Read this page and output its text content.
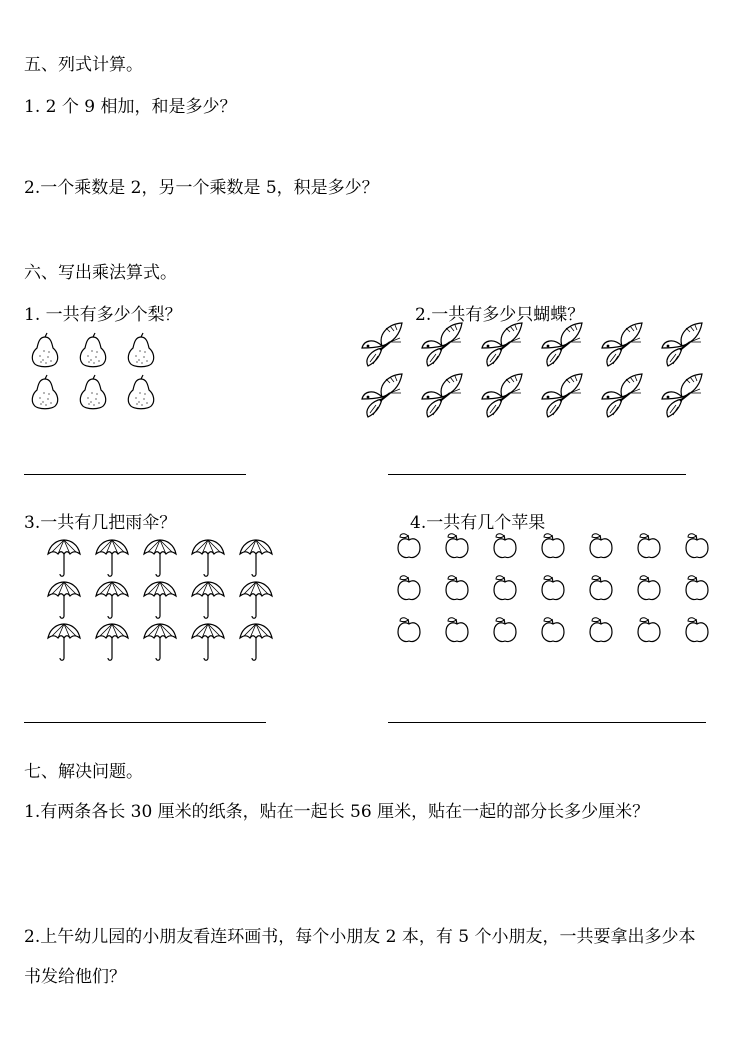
五、列式计算。
1. 2 个 9 相加，和是多少？
2.一个乘数是 2，另一个乘数是 5，积是多少？
六、写出乘法算式。
1. 一共有多少个梨？	2.一共有多少只蝴蝶？
3.一共有几把雨伞？	4.一共有几个苹果
七、解决问题。
1.有两条各长 30 厘米的纸条，贴在一起长 56 厘米，贴在一起的部分长多少厘米？
2.上午幼儿园的小朋友看连环画书，每个小朋友 2 本，有 5 个小朋友，一共要拿出多少本
书发给他们？
